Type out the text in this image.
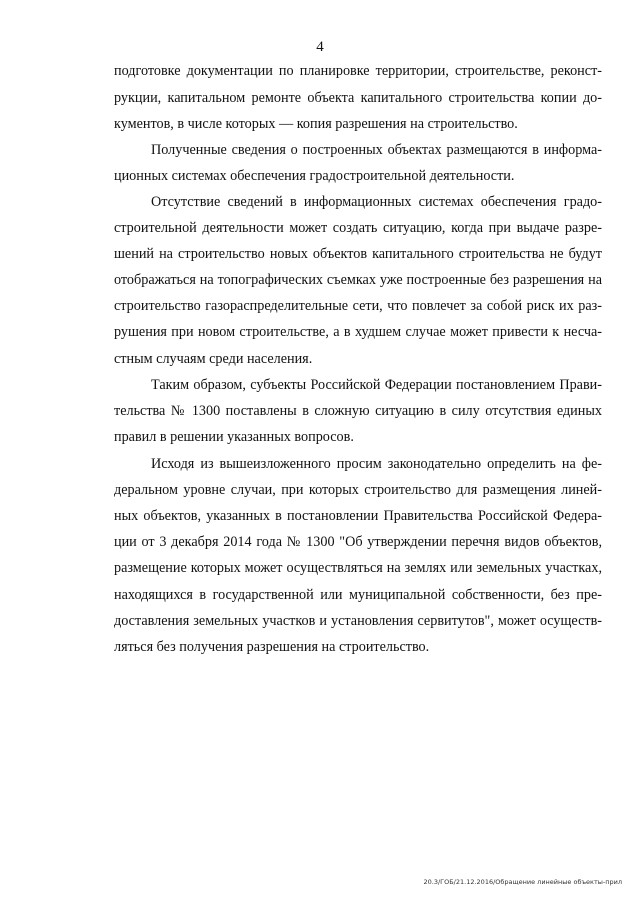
4
подготовке документации по планировке территории, строительстве, реконст-
рукции, капитальном ремонте объекта капитального строительства копии до-
кументов, в числе которых — копия разрешения на строительство.
Полученные сведения о построенных объектах размещаются в информа-
ционных системах обеспечения градостроительной деятельности.
Отсутствие сведений в информационных системах обеспечения градо-
строительной деятельности может создать ситуацию, когда при выдаче разре-
шений на строительство новых объектов капитального строительства не будут
отображаться на топографических съемках уже построенные без разрешения на
строительство газораспределительные сети, что повлечет за собой риск их раз-
рушения при новом строительстве, а в худшем случае может привести к несча-
стным случаям среди населения.
Таким образом, субъекты Российской Федерации постановлением Прави-
тельства № 1300 поставлены в сложную ситуацию в силу отсутствия единых
правил в решении указанных вопросов.
Исходя из вышеизложенного просим законодательно определить на фе-
деральном уровне случаи, при которых строительство для размещения линей-
ных объектов, указанных в постановлении Правительства Российской Федера-
ции от 3 декабря 2014 года № 1300 "Об утверждении перечня видов объектов,
размещение которых может осуществляться на землях или земельных участках,
находящихся в государственной или муниципальной собственности, без пре-
доставления земельных участков и установления сервитутов", может осуществ-
ляться без получения разрешения на строительство.
20.3/ГОБ/21.12.2016/Обращение линейные объекты-прил
